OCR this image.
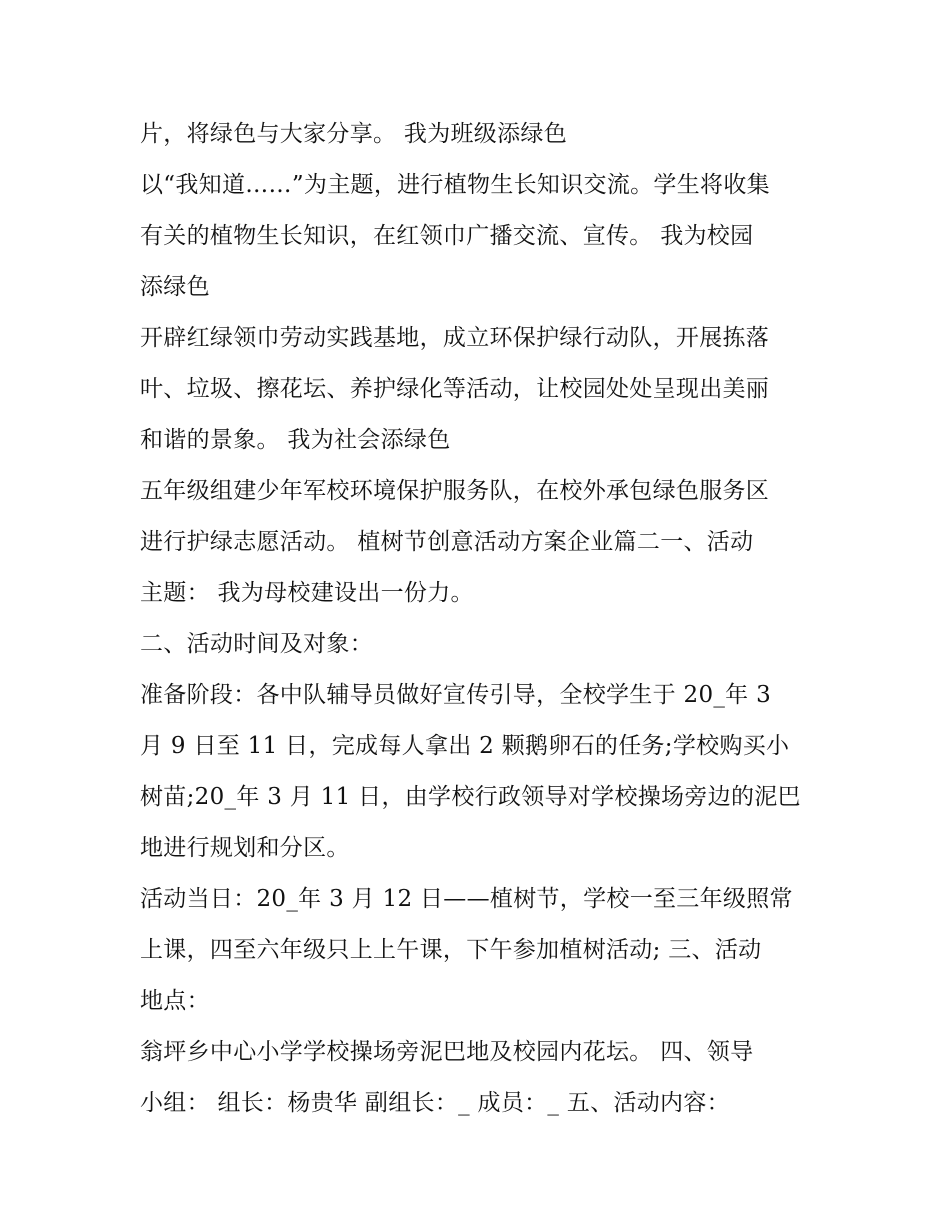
片，将绿色与大家分享。 我为班级添绿色
以“我知道……”为主题，进行植物生长知识交流。学生将收集
有关的植物生长知识，在红领巾广播交流、宣传。 我为校园
添绿色
开辟红绿领巾劳动实践基地，成立环保护绿行动队，开展拣落
叶、垃圾、擦花坛、养护绿化等活动，让校园处处呈现出美丽
和谐的景象。 我为社会添绿色
五年级组建少年军校环境保护服务队，在校外承包绿色服务区
进行护绿志愿活动。 植树节创意活动方案企业篇二一、活动
主题： 我为母校建设出一份力。
二、活动时间及对象：
准备阶段：各中队辅导员做好宣传引导，全校学生于 20_年 3
月 9 日至 11 日，完成每人拿出 2 颗鹅卵石的任务;学校购买小
树苗;20_年 3 月 11 日，由学校行政领导对学校操场旁边的泥巴
地进行规划和分区。
活动当日：20_年 3 月 12 日——植树节，学校一至三年级照常
上课，四至六年级只上上午课，下午参加植树活动; 三、活动
地点：
翁坪乡中心小学学校操场旁泥巴地及校园内花坛。 四、领导
小组： 组长：杨贵华 副组长：_ 成员：_ 五、活动内容：
